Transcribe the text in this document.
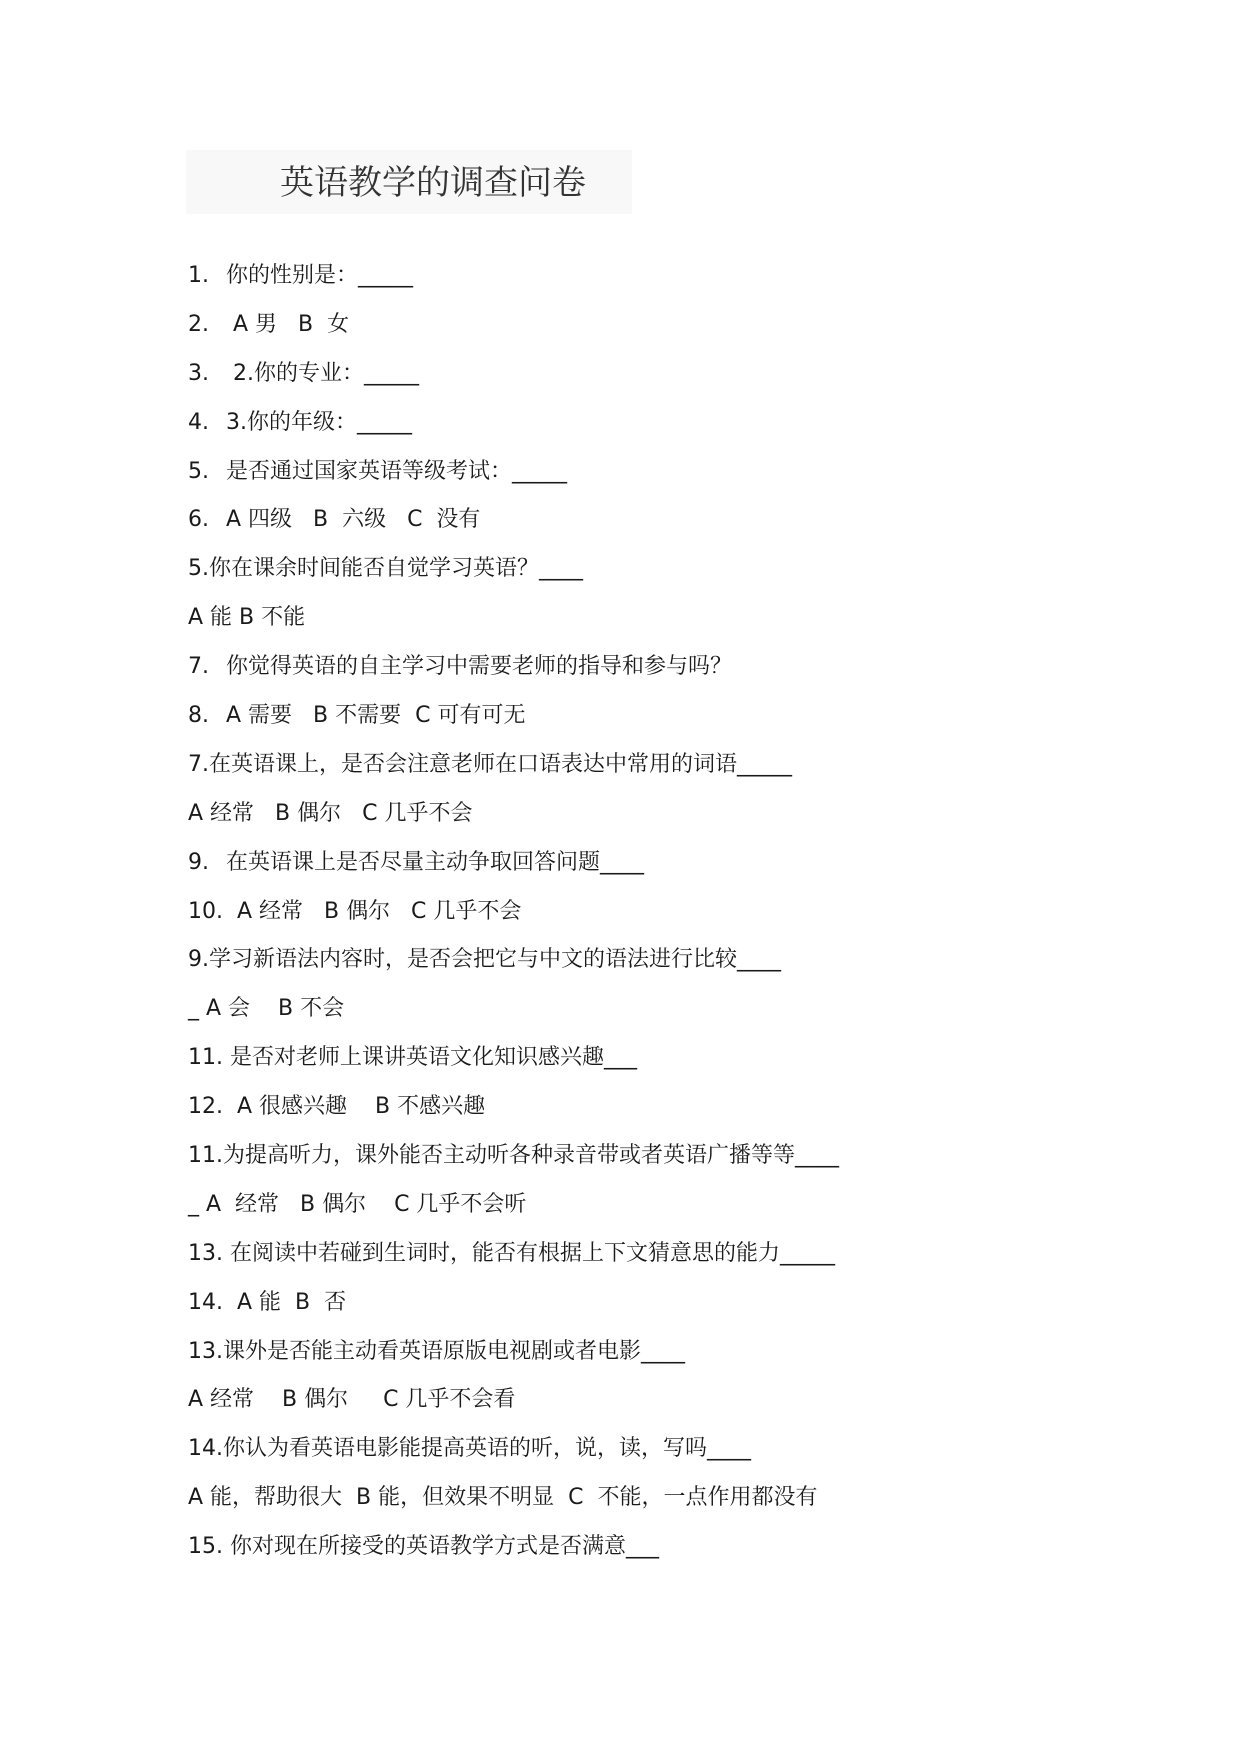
英语教学的调查问卷
1. 你的性别是：_____
2. A 男   B  女
3. 2.你的专业：_____
4. 3.你的年级：_____
5. 是否通过国家英语等级考试：_____
6. A 四级   B  六级   C  没有
5.你在课余时间能否自觉学习英语？____
A 能 B 不能
7. 你觉得英语的自主学习中需要老师的指导和参与吗？
8. A 需要   B 不需要  C 可有可无
7.在英语课上，是否会注意老师在口语表达中常用的词语_____
A 经常   B 偶尔   C 几乎不会
9. 在英语课上是否尽量主动争取回答问题____
10.  A 经常   B 偶尔   C 几乎不会
9.学习新语法内容时，是否会把它与中文的语法进行比较____
_ A 会    B 不会
11. 是否对老师上课讲英语文化知识感兴趣___
12.  A 很感兴趣    B 不感兴趣
11.为提高听力，课外能否主动听各种录音带或者英语广播等等____
_ A  经常   B 偶尔    C 几乎不会听
13. 在阅读中若碰到生词时，能否有根据上下文猜意思的能力_____
14.  A 能  B  否
13.课外是否能主动看英语原版电视剧或者电影____
A 经常    B 偶尔     C 几乎不会看
14.你认为看英语电影能提高英语的听，说，读，写吗____
A 能，帮助很大  B 能，但效果不明显  C  不能，一点作用都没有
15. 你对现在所接受的英语教学方式是否满意___
